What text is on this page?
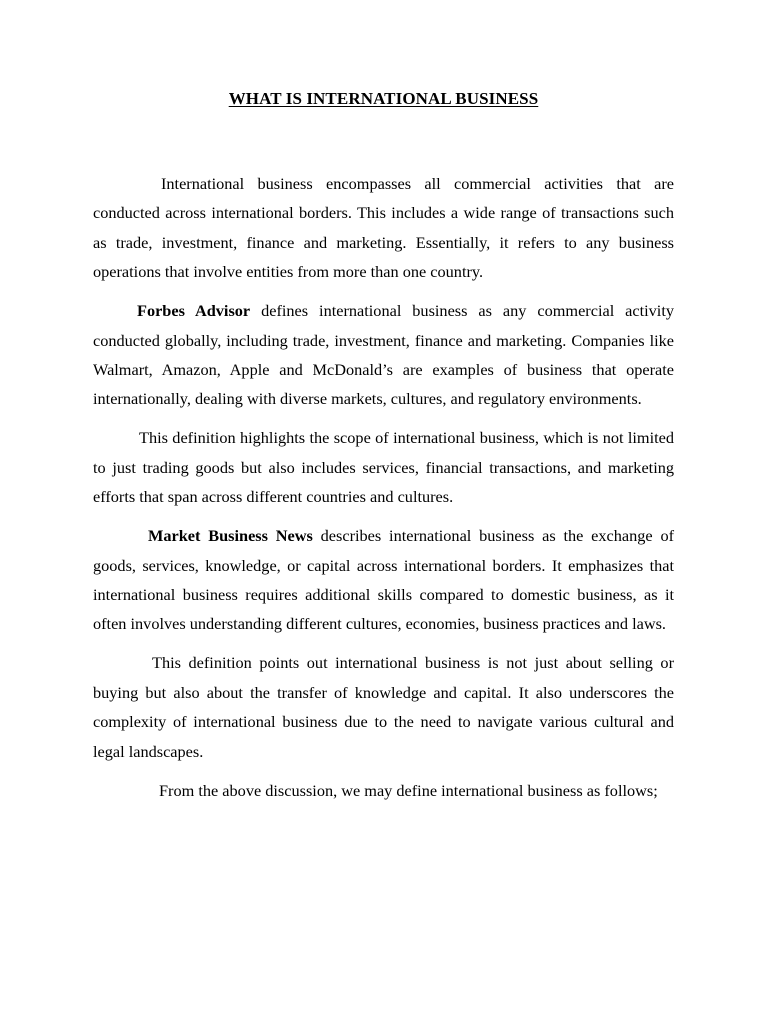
WHAT IS INTERNATIONAL BUSINESS

International business encompasses all commercial activities that are conducted across international borders. This includes a wide range of transactions such as trade, investment, finance and marketing. Essentially, it refers to any business operations that involve entities from more than one country.

Forbes Advisor defines international business as any commercial activity conducted globally, including trade, investment, finance and marketing. Companies like Walmart, Amazon, Apple and McDonald’s are examples of business that operate internationally, dealing with diverse markets, cultures, and regulatory environments.

This definition highlights the scope of international business, which is not limited to just trading goods but also includes services, financial transactions, and marketing efforts that span across different countries and cultures.

Market Business News describes international business as the exchange of goods, services, knowledge, or capital across international borders. It emphasizes that international business requires additional skills compared to domestic business, as it often involves understanding different cultures, economies, business practices and laws.

This definition points out international business is not just about selling or buying but also about the transfer of knowledge and capital. It also underscores the complexity of international business due to the need to navigate various cultural and legal landscapes.

From the above discussion, we may define international business as follows;
